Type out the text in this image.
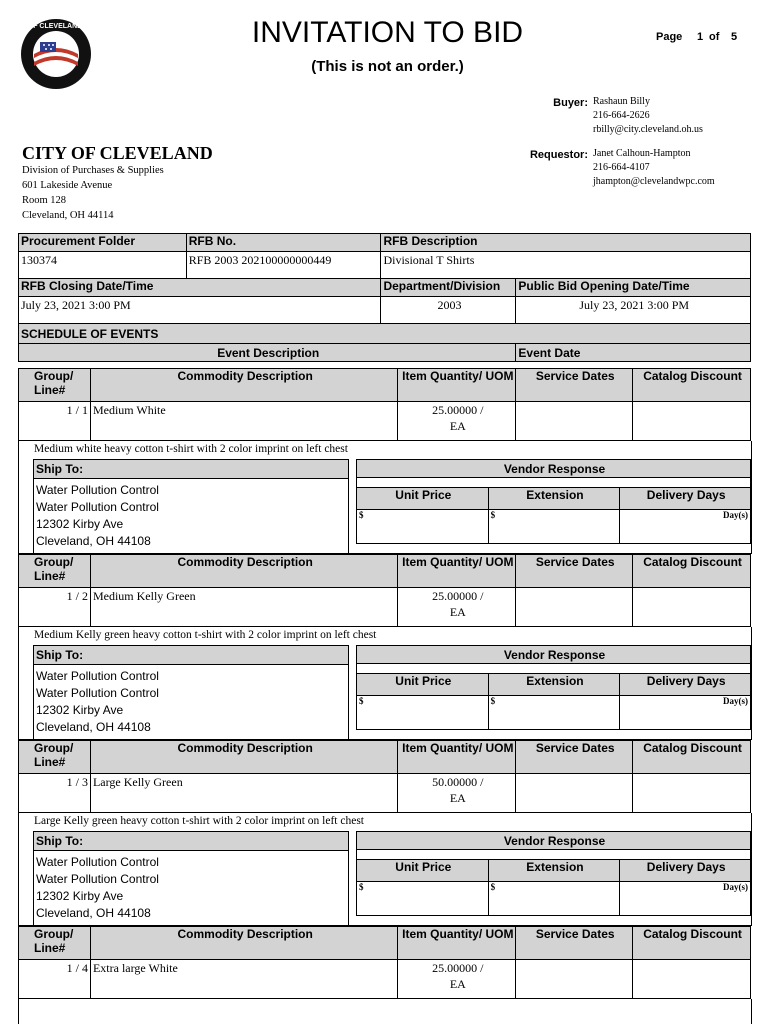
CITY OF CLEVELAND OHIO	INVITATION TO BID
(This is not an order.)
Page 1 of 5
Buyer: Rashaun Billy
216-664-2626
rbilly@city.cleveland.oh.us
Requestor: Janet Calhoun-Hampton
216-664-4107
jhampton@clevelandwpc.com
CITY OF CLEVELAND
Division of Purchases & Supplies
601 Lakeside Avenue
Room 128
Cleveland, OH 44114
Procurement Folder	RFB No.	RFB Description	
130374	RFB 2003 202100000000449	Divisional T Shirts	
RFB Closing Date/Time		Department/Division	Public Bid Opening Date/Time
July 23, 2021 3:00 PM		2003	July 23, 2021 3:00 PM
SCHEDULE OF EVENTS			
Event Description			Event Date
Group/ Line#	Commodity Description	Item Quantity/ UOM	Service Dates	Catalog Discount
1 / 1	Medium White	25.00000 /
EA		

Medium white heavy cotton t-shirt with 2 color imprint on left chest
Ship To:
Water Pollution Control
Water Pollution Control
12302 Kirby Ave
Cleveland, OH 44108
Vendor Response		

Unit Price	Extension	Delivery Days
$	$	Day(s)
Group/ Line#	Commodity Description	Item Quantity/ UOM	Service Dates	Catalog Discount
1 / 2	Medium Kelly Green	25.00000 /
EA		

Medium Kelly green heavy cotton t-shirt with 2 color imprint on left chest
Ship To:
Water Pollution Control
Water Pollution Control
12302 Kirby Ave
Cleveland, OH 44108
Vendor Response		

Unit Price	Extension	Delivery Days
$	$	Day(s)
Group/ Line#	Commodity Description	Item Quantity/ UOM	Service Dates	Catalog Discount
1 / 3	Large Kelly Green	50.00000 /
EA		

Large Kelly green heavy cotton t-shirt with 2 color imprint on left chest
Ship To:
Water Pollution Control
Water Pollution Control
12302 Kirby Ave
Cleveland, OH 44108
Vendor Response		

Unit Price	Extension	Delivery Days
$	$	Day(s)
Group/ Line#	Commodity Description	Item Quantity/ UOM	Service Dates	Catalog Discount
1 / 4	Extra large White	25.00000 /
EA		
